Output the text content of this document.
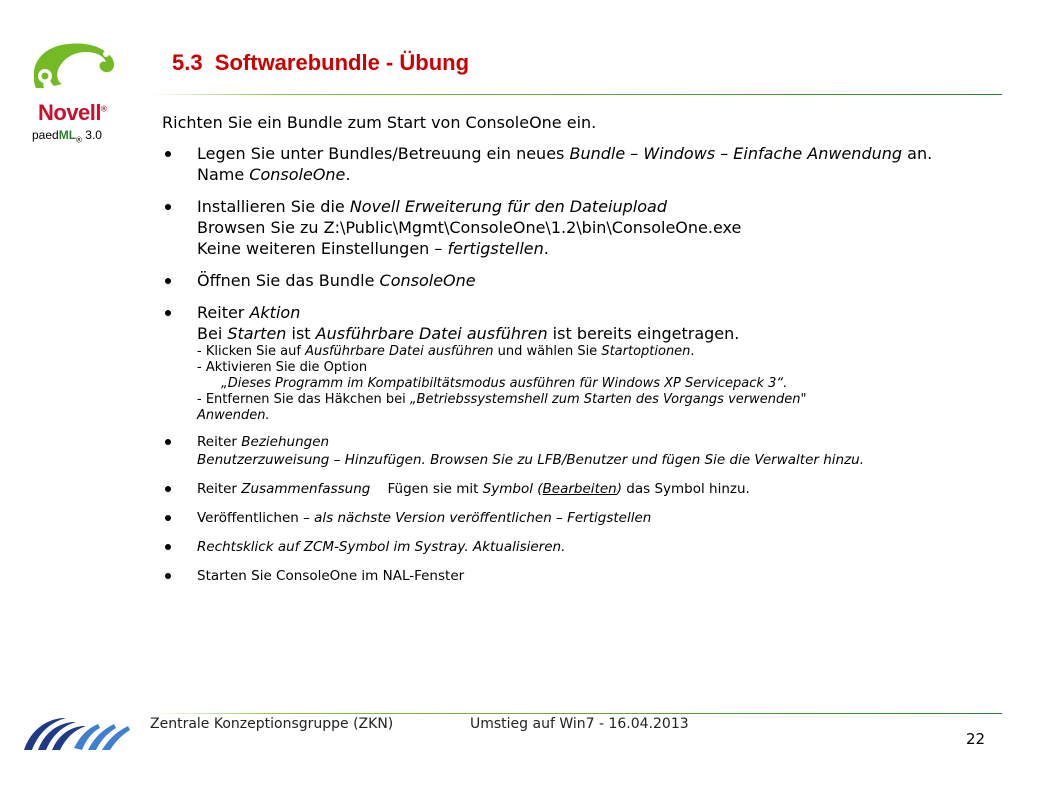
Novell®
paedML$_®$ 3.0
5.3  Softwarebundle - Übung
Richten Sie ein Bundle zum Start von ConsoleOne ein.
Legen Sie unter Bundles/Betreuung ein neues Bundle – Windows – Einfache Anwendung an. Name ConsoleOne.
Installieren Sie die Novell Erweiterung für den Dateiupload
Browsen Sie zu Z:\Public\Mgmt\ConsoleOne\1.2\bin\ConsoleOne.exe
Keine weiteren Einstellungen – fertigstellen.
Öffnen Sie das Bundle ConsoleOne
Reiter Aktion
Bei Starten ist Ausführbare Datei ausführen ist bereits eingetragen.
- Klicken Sie auf Ausführbare Datei ausführen und wählen Sie Startoptionen.
- Aktivieren Sie die Option
„Dieses Programm im Kompatibiltätsmodus ausführen für Windows XP Servicepack 3“.
- Entfernen Sie das Häkchen bei „Betriebssystemshell zum Starten des Vorgangs verwenden"
Anwenden.
Reiter Beziehungen
Benutzerzuweisung – Hinzufügen. Browsen Sie zu LFB/Benutzer und fügen Sie die Verwalter hinzu.
Reiter Zusammenfassung    Fügen sie mit Symbol (Bearbeiten) das Symbol hinzu.
Veröffentlichen – als nächste Version veröffentlichen – Fertigstellen
Rechtsklick auf ZCM-Symbol im Systray. Aktualisieren.
Starten Sie ConsoleOne im NAL-Fenster
Zentrale Konzeptionsgruppe (ZKN)	Umstieg auf Win7 - 16.04.2013
22
